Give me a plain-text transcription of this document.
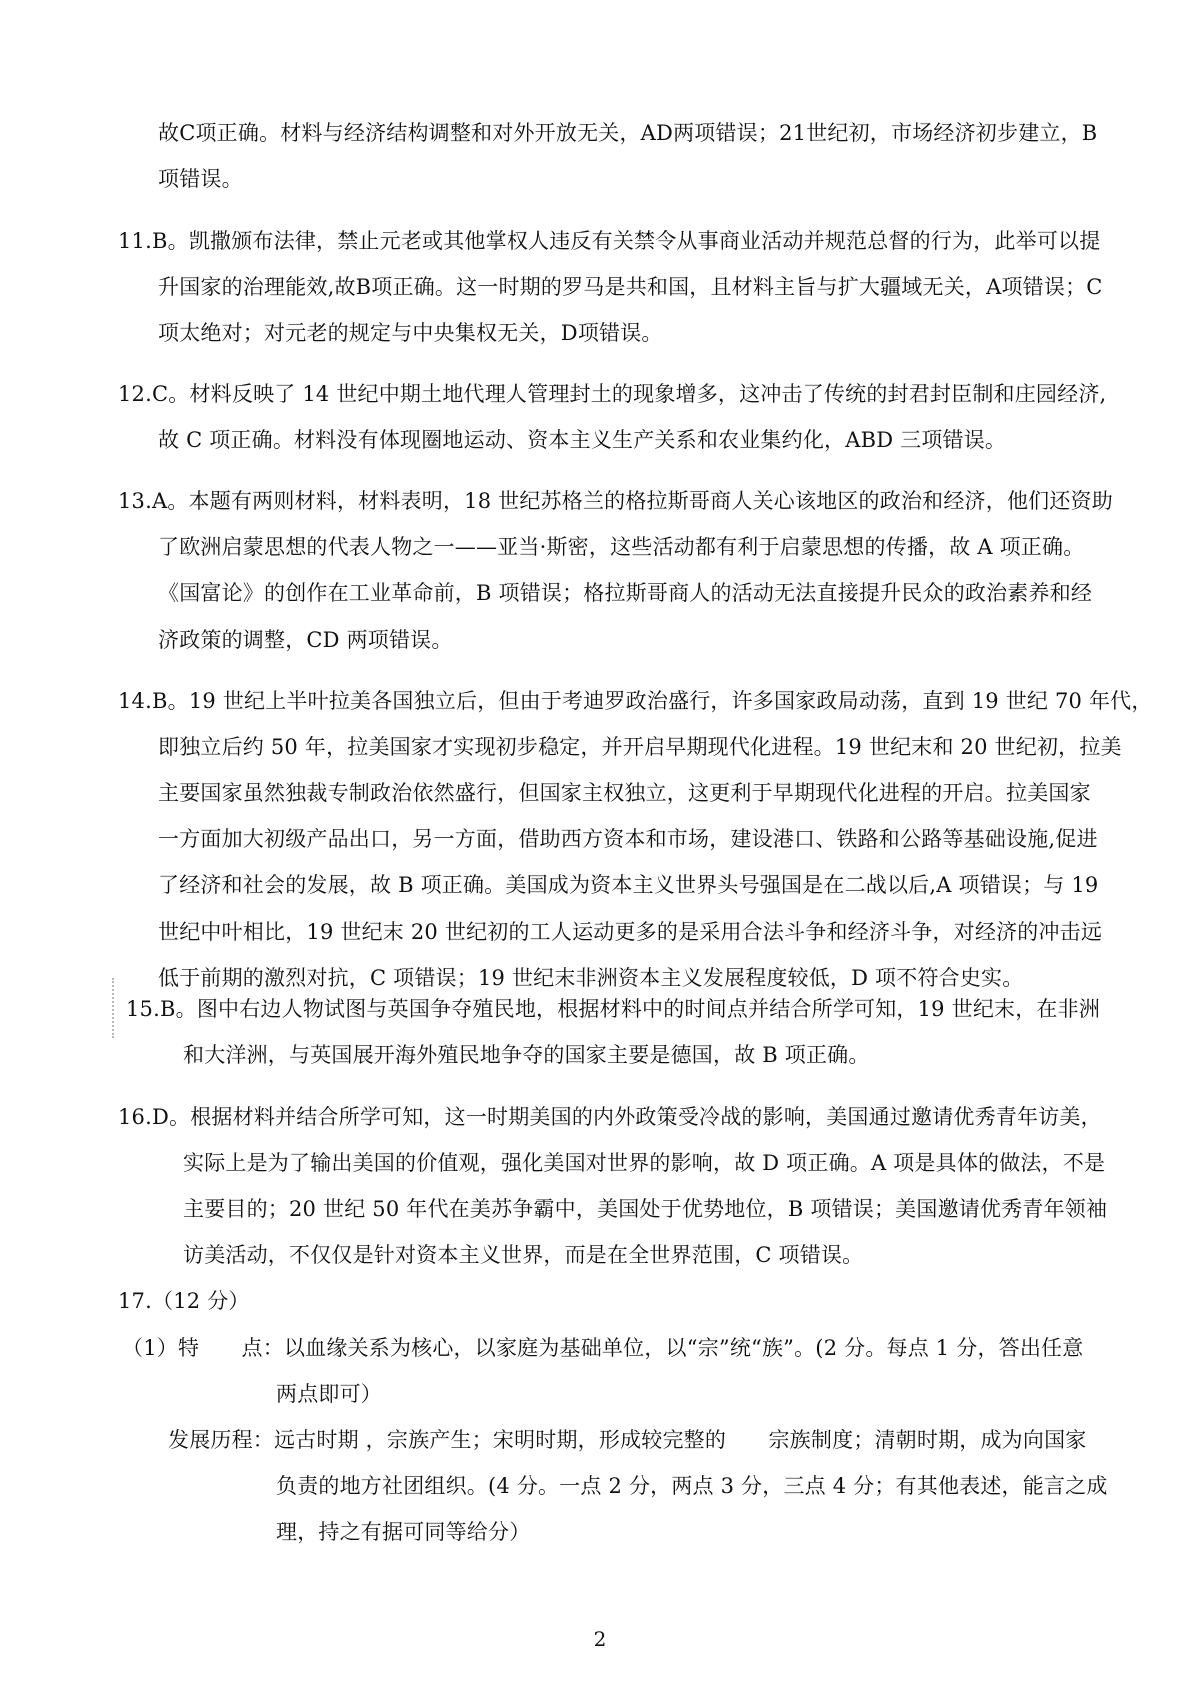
故C项正确。材料与经济结构调整和对外开放无关，AD两项错误；21世纪初，市场经济初步建立，B
项错误。
11.B。凯撒颁布法律，禁止元老或其他掌权人违反有关禁令从事商业活动并规范总督的行为，此举可以提
升国家的治理能效,故B项正确。这一时期的罗马是共和国，且材料主旨与扩大疆域无关，A项错误；C
项太绝对；对元老的规定与中央集权无关，D项错误。
12.C。材料反映了 14 世纪中期土地代理人管理封土的现象增多，这冲击了传统的封君封臣制和庄园经济,
故 C 项正确。材料没有体现圈地运动、资本主义生产关系和农业集约化，ABD 三项错误。
13.A。本题有两则材料，材料表明，18 世纪苏格兰的格拉斯哥商人关心该地区的政治和经济，他们还资助
了欧洲启蒙思想的代表人物之一——亚当·斯密，这些活动都有利于启蒙思想的传播，故 A 项正确。
《国富论》的创作在工业革命前，B 项错误；格拉斯哥商人的活动无法直接提升民众的政治素养和经
济政策的调整，CD 两项错误。
14.B。19 世纪上半叶拉美各国独立后，但由于考迪罗政治盛行，许多国家政局动荡，直到 19 世纪 70 年代，
即独立后约 50 年，拉美国家才实现初步稳定，并开启早期现代化进程。19 世纪末和 20 世纪初，拉美
主要国家虽然独裁专制政治依然盛行，但国家主权独立，这更利于早期现代化进程的开启。拉美国家
一方面加大初级产品出口，另一方面，借助西方资本和市场，建设港口、铁路和公路等基础设施,促进
了经济和社会的发展，故 B 项正确。美国成为资本主义世界头号强国是在二战以后,A 项错误；与 19
世纪中叶相比，19 世纪末 20 世纪初的工人运动更多的是采用合法斗争和经济斗争，对经济的冲击远
低于前期的激烈对抗，C 项错误；19 世纪末非洲资本主义发展程度较低，D 项不符合史实。
15.B。图中右边人物试图与英国争夺殖民地，根据材料中的时间点并结合所学可知，19 世纪末，在非洲
和大洋洲，与英国展开海外殖民地争夺的国家主要是德国，故 B 项正确。
16.D。根据材料并结合所学可知，这一时期美国的内外政策受冷战的影响，美国通过邀请优秀青年访美，
实际上是为了输出美国的价值观，强化美国对世界的影响，故 D 项正确。A 项是具体的做法，不是
主要目的；20 世纪 50 年代在美苏争霸中，美国处于优势地位，B 项错误；美国邀请优秀青年领袖
访美活动，不仅仅是针对资本主义世界，而是在全世界范围，C 项错误。
17.（12 分）
（1）特　　点：以血缘关系为核心，以家庭为基础单位，以“宗”统“族”。(2 分。每点 1 分，答出任意
两点即可）
发展历程：远古时期 ，宗族产生；宋明时期，形成较完整的　　宗族制度；清朝时期，成为向国家
负责的地方社团组织。(4 分。一点 2 分，两点 3 分，三点 4 分；有其他表述，能言之成
理，持之有据可同等给分）
2
